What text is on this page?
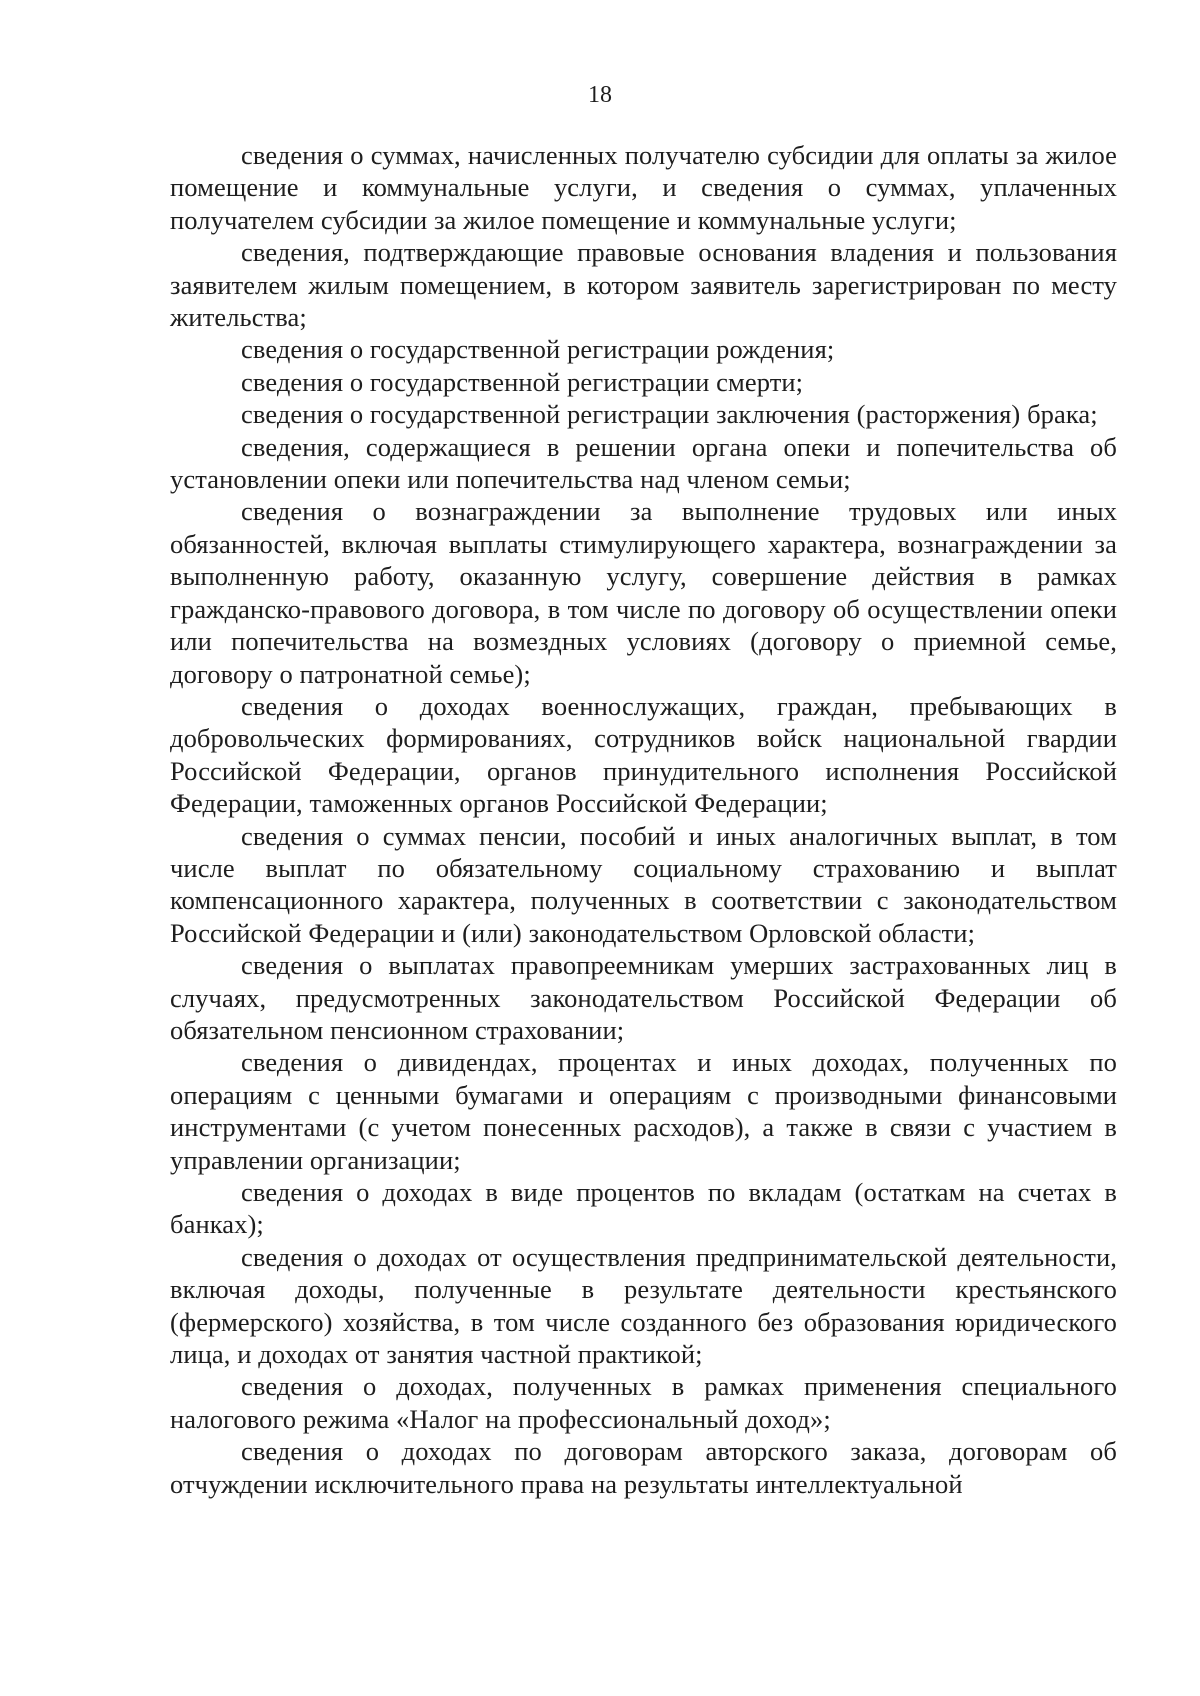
18

сведения о суммах, начисленных получателю субсидии для оплаты за жилое помещение и коммунальные услуги, и сведения о суммах, уплаченных получателем субсидии за жилое помещение и коммунальные услуги;

сведения, подтверждающие правовые основания владения и пользования заявителем жилым помещением, в котором заявитель зарегистрирован по месту жительства;

сведения о государственной регистрации рождения;

сведения о государственной регистрации смерти;

сведения о государственной регистрации заключения (расторжения) брака;

сведения, содержащиеся в решении органа опеки и попечительства об установлении опеки или попечительства над членом семьи;

сведения о вознаграждении за выполнение трудовых или иных обязанностей, включая выплаты стимулирующего характера, вознаграждении за выполненную работу, оказанную услугу, совершение действия в рамках гражданско-правового договора, в том числе по договору об осуществлении опеки или попечительства на возмездных условиях (договору о приемной семье, договору о патронатной семье);

сведения о доходах военнослужащих, граждан, пребывающих в добровольческих формированиях, сотрудников войск национальной гвардии Российской Федерации, органов принудительного исполнения Российской Федерации, таможенных органов Российской Федерации;

сведения о суммах пенсии, пособий и иных аналогичных выплат, в том числе выплат по обязательному социальному страхованию и выплат компенсационного характера, полученных в соответствии с законодательством Российской Федерации и (или) законодательством Орловской области;

сведения о выплатах правопреемникам умерших застрахованных лиц в случаях, предусмотренных законодательством Российской Федерации об обязательном пенсионном страховании;

сведения о дивидендах, процентах и иных доходах, полученных по операциям с ценными бумагами и операциям с производными финансовыми инструментами (с учетом понесенных расходов), а также в связи с участием в управлении организации;

сведения о доходах в виде процентов по вкладам (остаткам на счетах в банках);

сведения о доходах от осуществления предпринимательской деятельности, включая доходы, полученные в результате деятельности крестьянского (фермерского) хозяйства, в том числе созданного без образования юридического лица, и доходах от занятия частной практикой;

сведения о доходах, полученных в рамках применения специального налогового режима «Налог на профессиональный доход»;

сведения о доходах по договорам авторского заказа, договорам об отчуждении исключительного права на результаты интеллектуальной
